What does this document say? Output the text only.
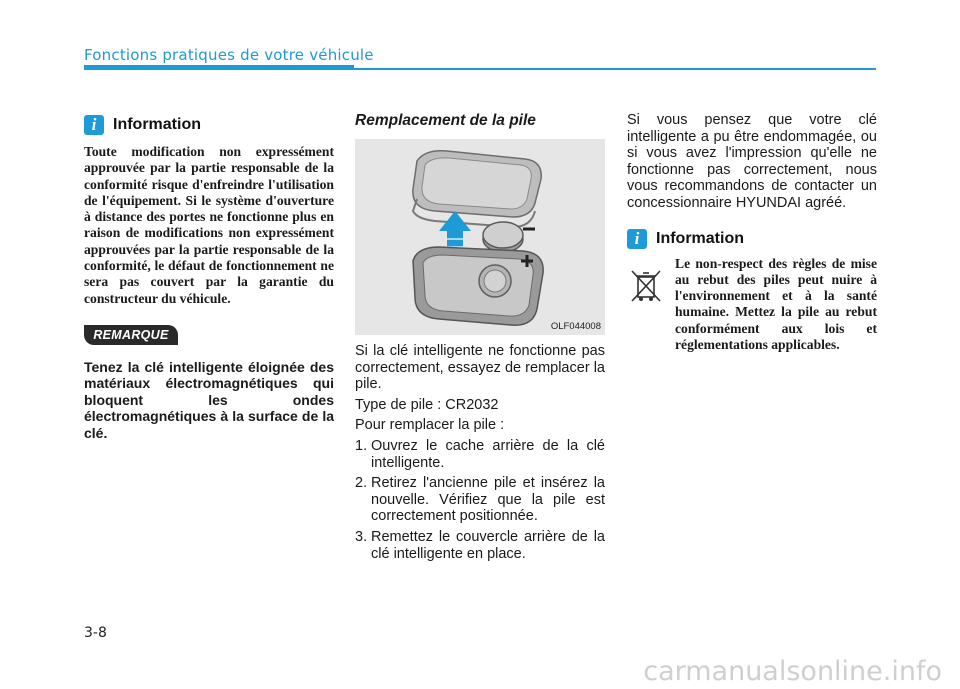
Fonctions pratiques de votre véhicule
i	Information

Toute modification non expressément approuvée par la partie responsable de la conformité risque d'enfreindre l'utilisation de l'équipement. Si le système d'ouverture à distance des portes ne fonctionne plus en raison de modifications non expressément approuvées par la partie responsable de la conformité, le défaut de fonctionnement ne sera pas couvert par la garantie du constructeur du véhicule.

REMARQUE
Tenez la clé intelligente éloignée des matériaux électromagnétiques qui bloquent les ondes électromagnétiques à la surface de la clé.
Remplacement de la pile
OLF044008

Si la clé intelligente ne fonctionne pas correctement, essayez de remplacer la pile.

Type de pile : CR2032

Pour remplacer la pile :

1. Ouvrez le cache arrière de la clé intelligente.
2. Retirez l'ancienne pile et insérez la nouvelle. Vérifiez que la pile est correctement positionnée.
3. Remettez le couvercle arrière de la clé intelligente en place.

Si vous pensez que votre clé intelligente a pu être endommagée, ou si vous avez l'impression qu'elle ne fonctionne pas correctement, nous vous recommandons de contacter un concessionnaire HYUNDAI agréé.

i	Information

Le non-respect des règles de mise au rebut des piles peut nuire à l'environnement et à la santé humaine. Mettez la pile au rebut conformément aux lois et réglementations applicables.

3-8
carmanualsonline.info
